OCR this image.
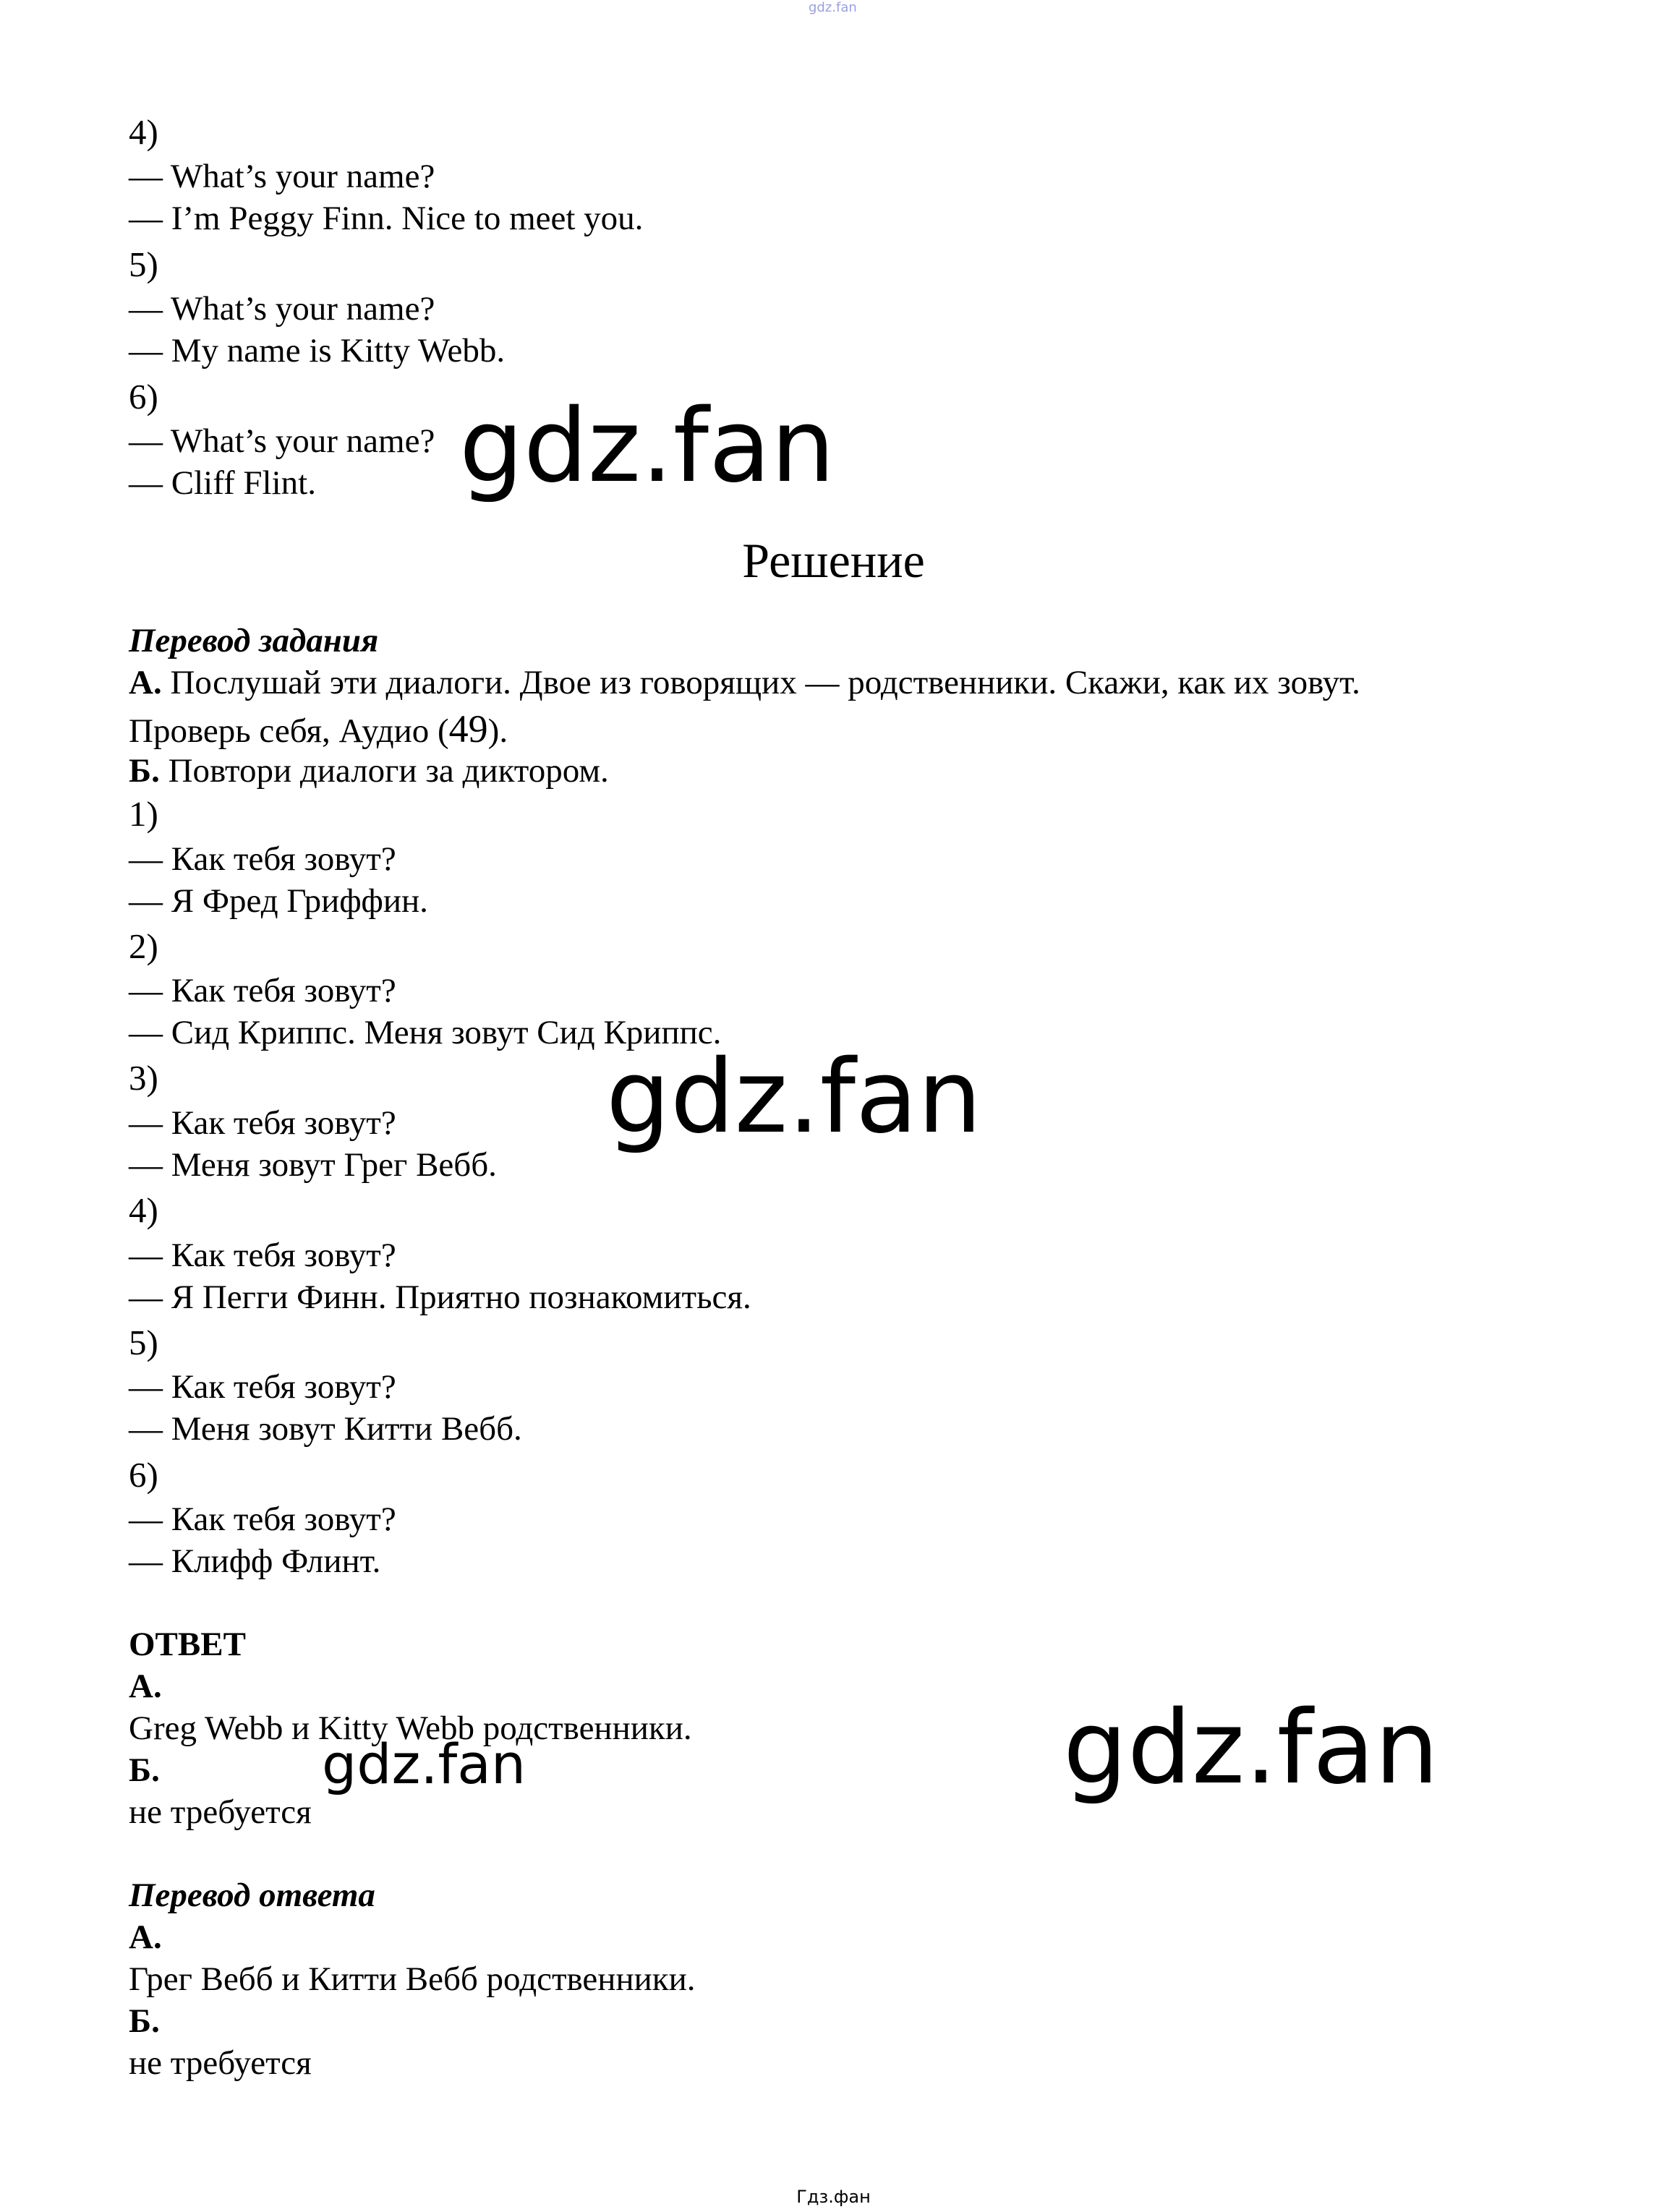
gdz.fan
4)
— What’s your name?
— I’m Peggy Finn. Nice to meet you.
5)
— What’s your name?
— My name is Kitty Webb.
6)
— What’s your name?
— Cliff Flint. gdz.fan
Решение
Перевод задания
А. Послушай эти диалоги. Двое из говорящих — родственники. Скажи, как их зовут.
Проверь себя, Аудио (49).
Б. Повтори диалоги за диктором.
1)
— Как тебя зовут?
— Я Фред Гриффин.
2)
— Как тебя зовут?
— Сид Криппс. Меня зовут Сид Криппс.
3)
— Как тебя зовут?
— Меня зовут Грег Вебб.
4)
— Как тебя зовут?
— Я Пегги Финн. Приятно познакомиться.
5)
— Как тебя зовут?
— Меня зовут Китти Вебб.
6)
— Как тебя зовут?
— Клифф Флинт.
gdz.fan
ОТВЕТ
А.
Greg Webb и Kitty Webb родственники.
Б.
не требуется
gdz.fan
gdz.fan
Перевод ответа
А.
Грег Вебб и Китти Вебб родственники.
Б.
не требуется
Гдз.фан
